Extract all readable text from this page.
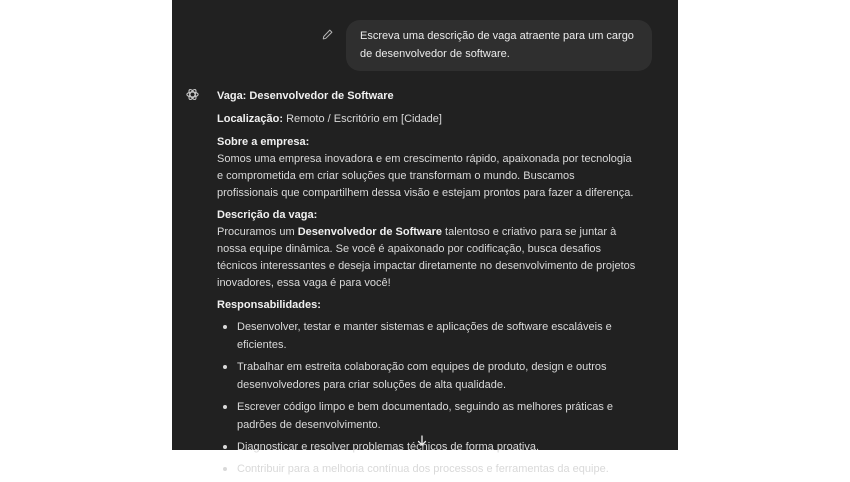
Escreva uma descrição de vaga atraente para um cargo de desenvolvedor de software.

Vaga: Desenvolvedor de Software

Localização: Remoto / Escritório em [Cidade]

Sobre a empresa:
Somos uma empresa inovadora e em crescimento rápido, apaixonada por tecnologia e comprometida em criar soluções que transformam o mundo. Buscamos profissionais que compartilhem dessa visão e estejam prontos para fazer a diferença.

Descrição da vaga:
Procuramos um Desenvolvedor de Software talentoso e criativo para se juntar à nossa equipe dinâmica. Se você é apaixonado por codificação, busca desafios técnicos interessantes e deseja impactar diretamente no desenvolvimento de projetos inovadores, essa vaga é para você!

Responsabilidades:

Desenvolver, testar e manter sistemas e aplicações de software escaláveis e eficientes.
Trabalhar em estreita colaboração com equipes de produto, design e outros desenvolvedores para criar soluções de alta qualidade.
Escrever código limpo e bem documentado, seguindo as melhores práticas e padrões de desenvolvimento.
Diagnosticar e resolver problemas técnicos de forma proativa.
Contribuir para a melhoria contínua dos processos e ferramentas da equipe.
